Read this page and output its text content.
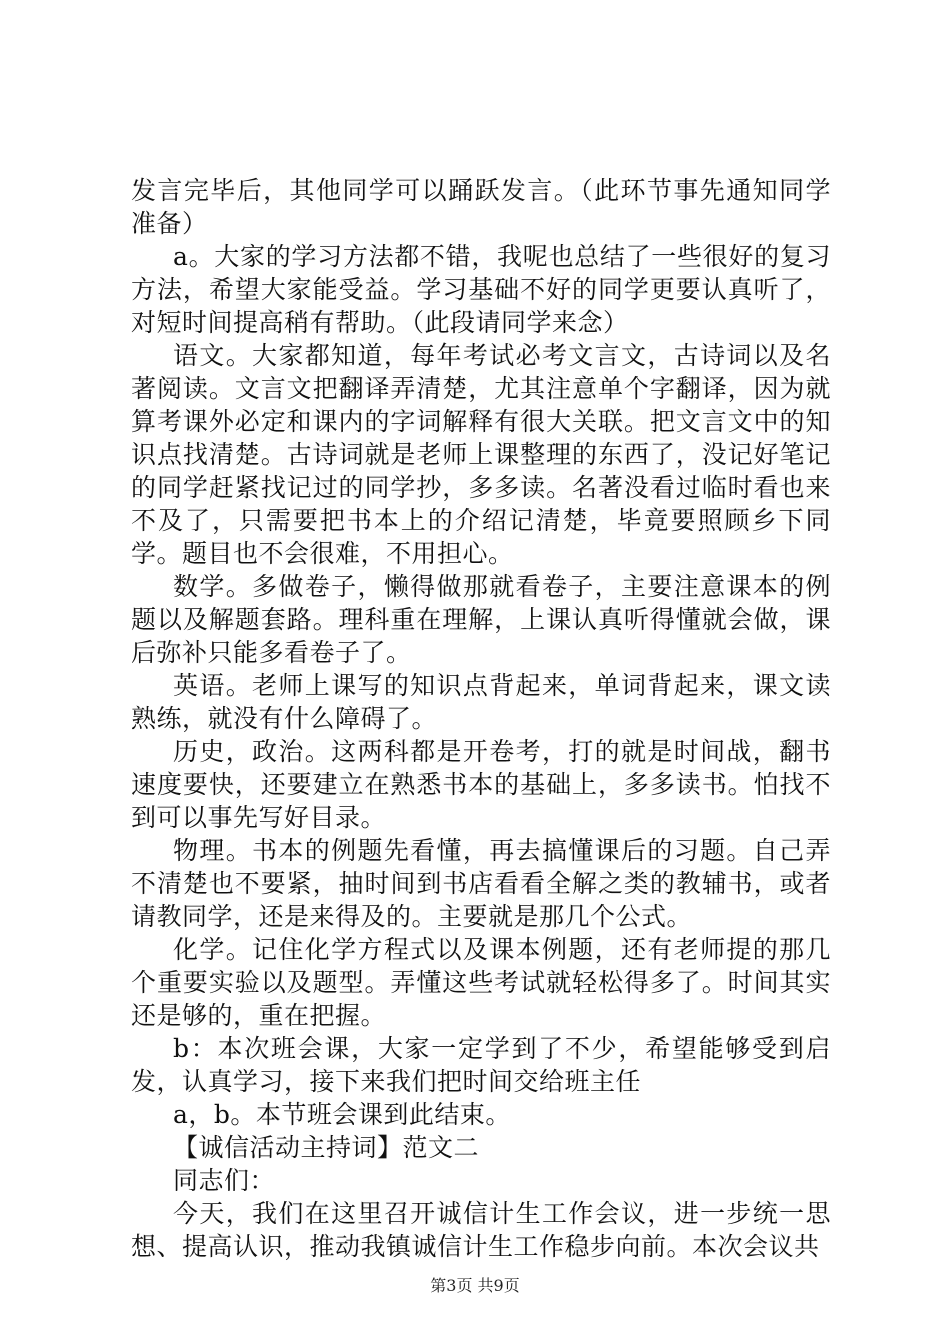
发言完毕后，其他同学可以踊跃发言。（此环节事先通知同学准备）

a。大家的学习方法都不错，我呢也总结了一些很好的复习方法，希望大家能受益。学习基础不好的同学更要认真听了，对短时间提高稍有帮助。（此段请同学来念）

语文。大家都知道，每年考试必考文言文，古诗词以及名著阅读。文言文把翻译弄清楚，尤其注意单个字翻译，因为就算考课外必定和课内的字词解释有很大关联。把文言文中的知识点找清楚。古诗词就是老师上课整理的东西了，没记好笔记的同学赶紧找记过的同学抄，多多读。名著没看过临时看也来不及了，只需要把书本上的介绍记清楚，毕竟要照顾乡下同学。题目也不会很难，不用担心。

数学。多做卷子，懒得做那就看卷子，主要注意课本的例题以及解题套路。理科重在理解，上课认真听得懂就会做，课后弥补只能多看卷子了。

英语。老师上课写的知识点背起来，单词背起来，课文读熟练，就没有什么障碍了。

历史，政治。这两科都是开卷考，打的就是时间战，翻书速度要快，还要建立在熟悉书本的基础上，多多读书。怕找不到可以事先写好目录。

物理。书本的例题先看懂，再去搞懂课后的习题。自己弄不清楚也不要紧，抽时间到书店看看全解之类的教辅书，或者请教同学，还是来得及的。主要就是那几个公式。

化学。记住化学方程式以及课本例题，还有老师提的那几个重要实验以及题型。弄懂这些考试就轻松得多了。时间其实还是够的，重在把握。

b：本次班会课，大家一定学到了不少，希望能够受到启发，认真学习，接下来我们把时间交给班主任

a，b。本节班会课到此结束。

【诚信活动主持词】范文二

同志们：

今天，我们在这里召开诚信计生工作会议，进一步统一思想、提高认识，推动我镇诚信计生工作稳步向前。本次会议共

第3页 共9页
